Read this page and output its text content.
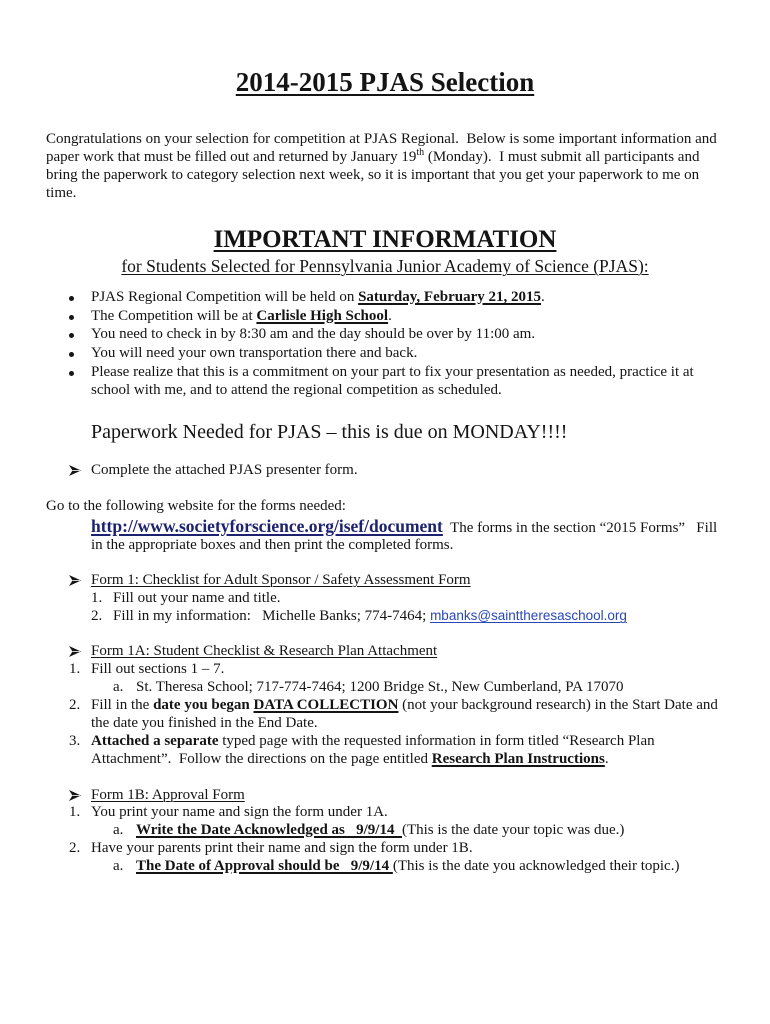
2014-2015 PJAS Selection
Congratulations on your selection for competition at PJAS Regional.  Below is some important information and
paper work that must be filled out and returned by January 19th (Monday).  I must submit all participants and
bring the paperwork to category selection next week, so it is important that you get your paperwork to me on
time.
IMPORTANT INFORMATION
for Students Selected for Pennsylvania Junior Academy of Science (PJAS):
PJAS Regional Competition will be held on Saturday, February 21, 2015.
The Competition will be at Carlisle High School.
You need to check in by 8:30 am and the day should be over by 11:00 am.
You will need your own transportation there and back.
Please realize that this is a commitment on your part to fix your presentation as needed, practice it at
school with me, and to attend the regional competition as scheduled.
Paperwork Needed for PJAS – this is due on MONDAY!!!!
Complete the attached PJAS presenter form.
Go to the following website for the forms needed:
http://www.societyforscience.org/isef/document  The forms in the section “2015 Forms”   Fill
in the appropriate boxes and then print the completed forms.
Form 1: Checklist for Adult Sponsor / Safety Assessment Form
1. Fill out your name and title.
2. Fill in my information:   Michelle Banks; 774-7464; mbanks@sainttheresaschool.org
Form 1A: Student Checklist & Research Plan Attachment
1. Fill out sections 1 – 7.
a. St. Theresa School; 717-774-7464; 1200 Bridge St., New Cumberland, PA 17070
2. Fill in the date you began DATA COLLECTION (not your background research) in the Start Date and
the date you finished in the End Date.
3. Attached a separate typed page with the requested information in form titled “Research Plan
Attachment”.  Follow the directions on the page entitled Research Plan Instructions.
Form 1B: Approval Form
1. You print your name and sign the form under 1A.
a. Write the Date Acknowledged as   9/9/14  (This is the date your topic was due.)
2. Have your parents print their name and sign the form under 1B.
a. The Date of Approval should be   9/9/14 (This is the date you acknowledged their topic.)
